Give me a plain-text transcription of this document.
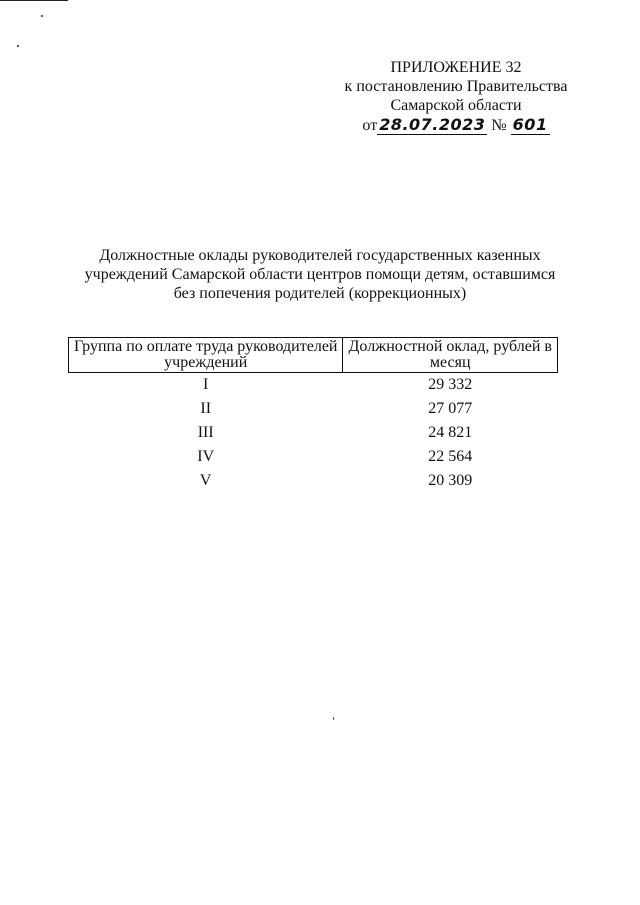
ПРИЛОЖЕНИЕ 32
к постановлению Правительства
Самарской области
от 28.07.2023 № 601
Должностные оклады руководителей государственных казенных
учреждений Самарской области центров помощи детям, оставшимся
без попечения родителей (коррекционных)
Группа по оплате труда руководителей учреждений	Должностной оклад, рублей в месяц
I	29 332
II	27 077
III	24 821
IV	22 564
V	20 309
